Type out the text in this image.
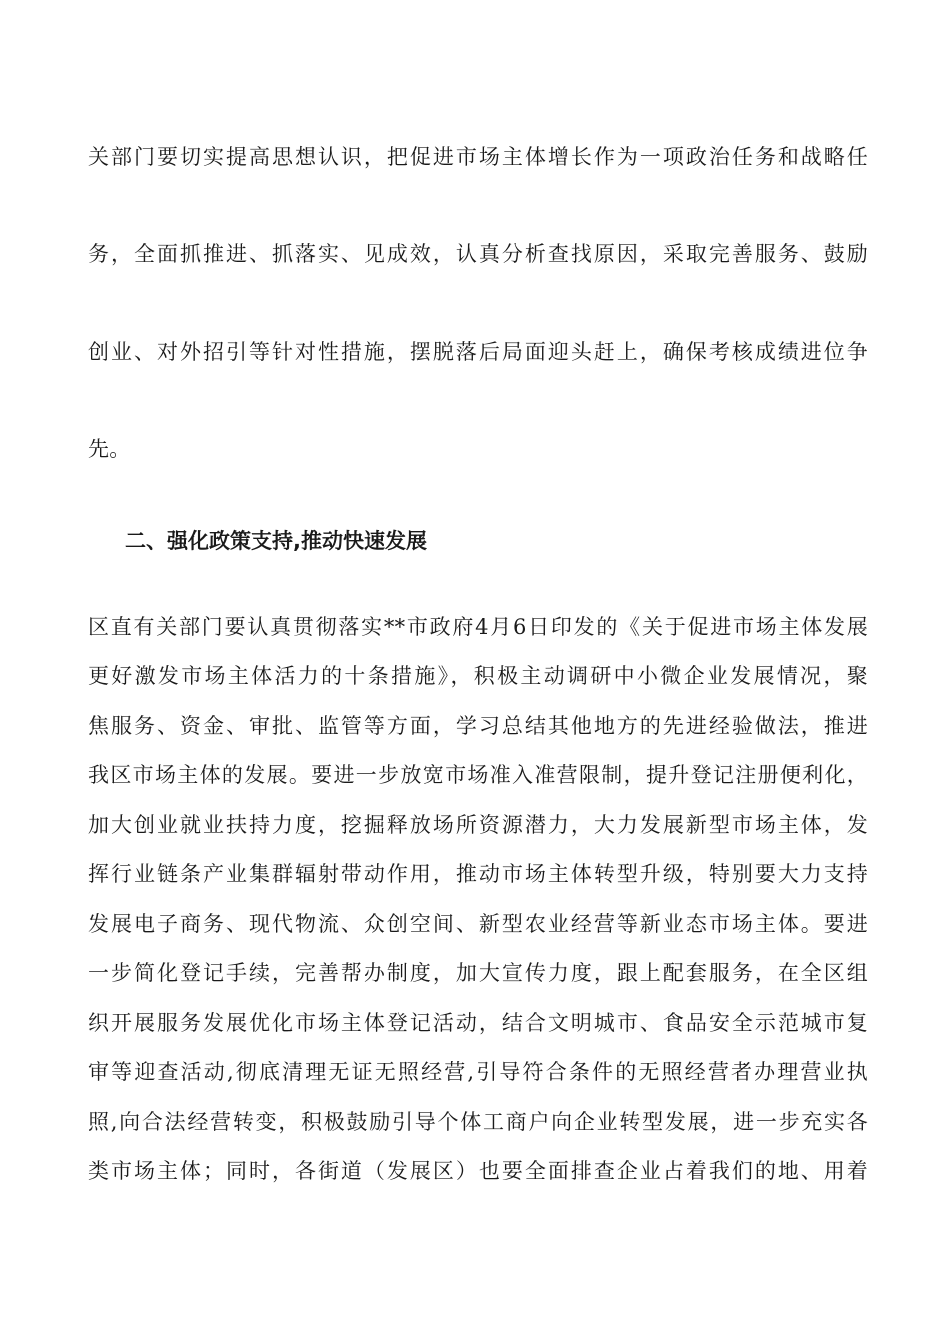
关部门要切实提高思想认识，把促进市场主体增长作为一项政治任务和战略任
务，全面抓推进、抓落实、见成效，认真分析查找原因，采取完善服务、鼓励
创业、对外招引等针对性措施，摆脱落后局面迎头赶上，确保考核成绩进位争
先。
二、强化政策支持,推动快速发展
区直有关部门要认真贯彻落实**市政府4月6日印发的《关于促进市场主体发展
更好激发市场主体活力的十条措施》，积极主动调研中小微企业发展情况，聚
焦服务、资金、审批、监管等方面，学习总结其他地方的先进经验做法，推进
我区市场主体的发展。要进一步放宽市场准入准营限制，提升登记注册便利化，
加大创业就业扶持力度，挖掘释放场所资源潜力，大力发展新型市场主体，发
挥行业链条产业集群辐射带动作用，推动市场主体转型升级，特别要大力支持
发展电子商务、现代物流、众创空间、新型农业经营等新业态市场主体。要进
一步简化登记手续，完善帮办制度，加大宣传力度，跟上配套服务，在全区组
织开展服务发展优化市场主体登记活动，结合文明城市、食品安全示范城市复
审等迎查活动,彻底清理无证无照经营,引导符合条件的无照经营者办理营业执
照,向合法经营转变，积极鼓励引导个体工商户向企业转型发展，进一步充实各
类市场主体；同时，各街道（发展区）也要全面排查企业占着我们的地、用着
